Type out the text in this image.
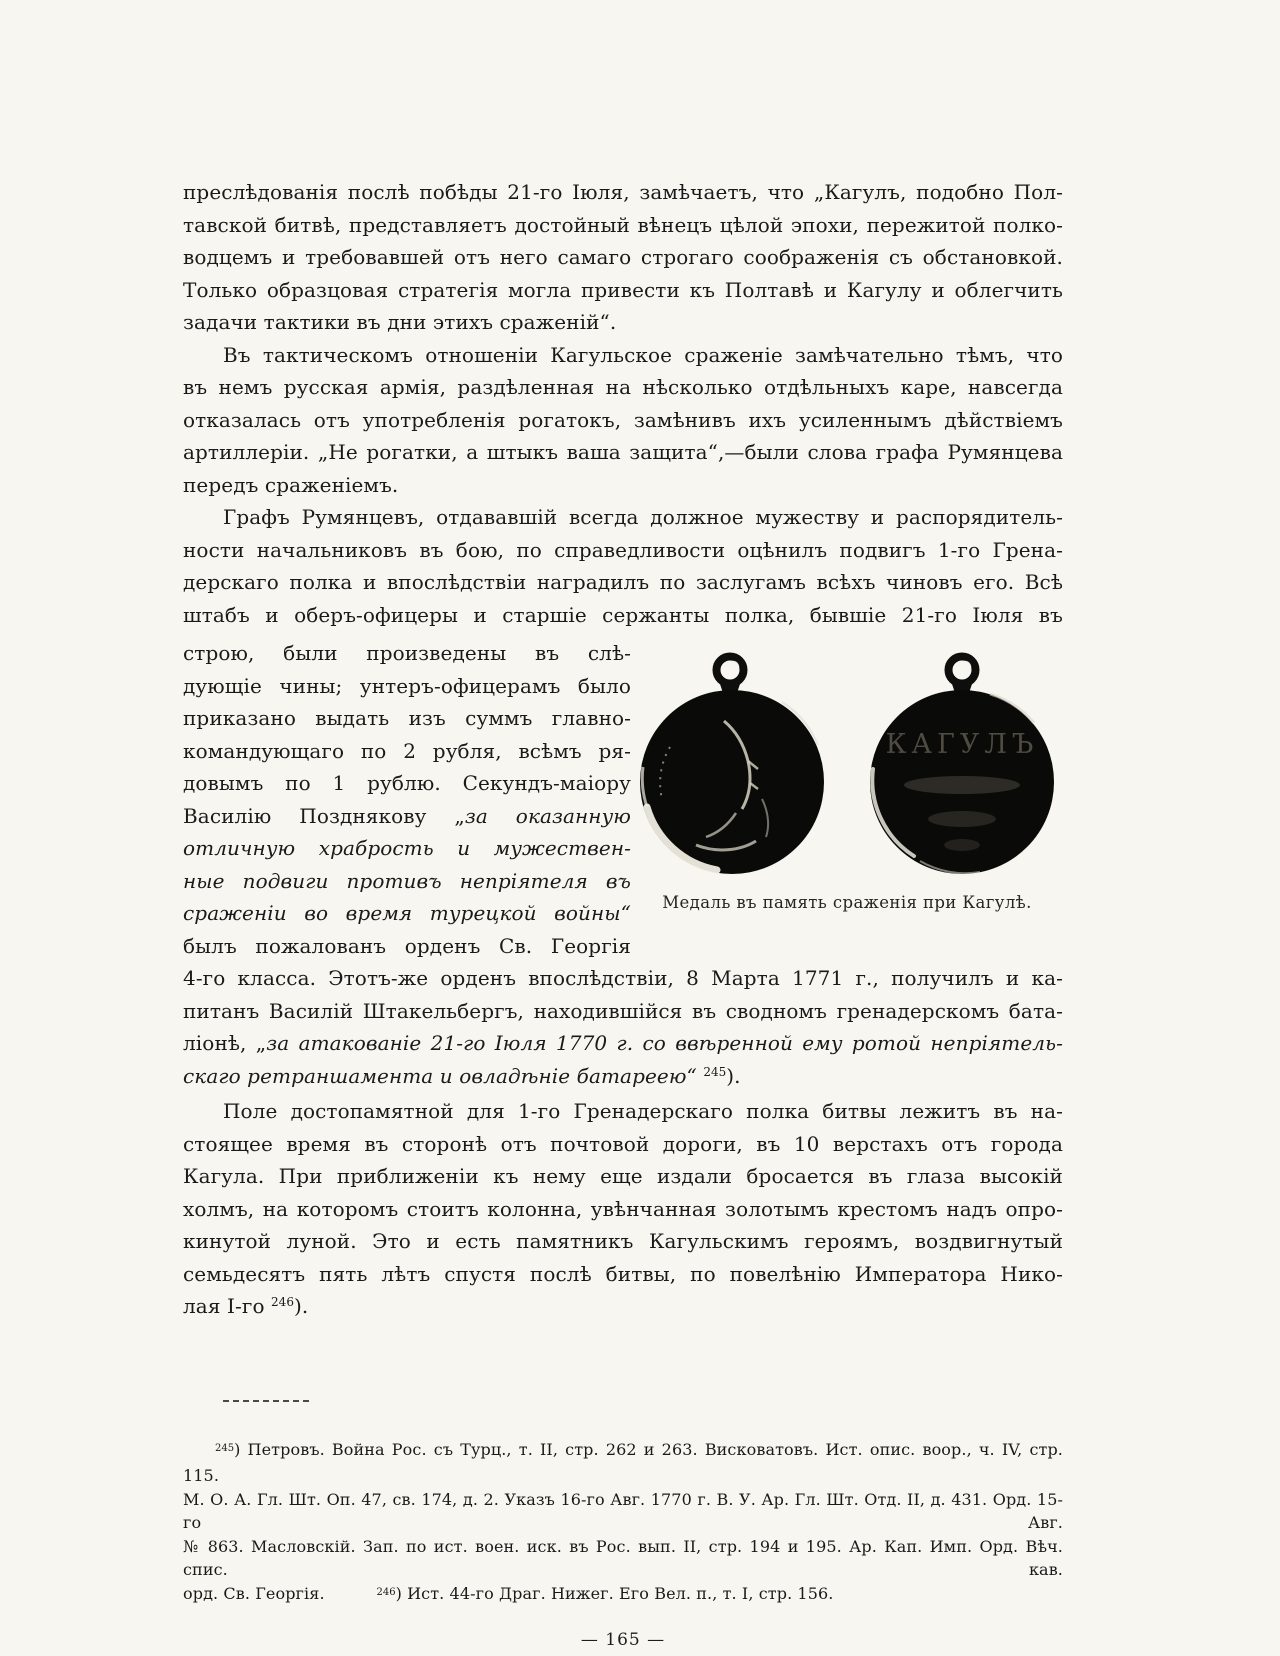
преслѣдованія послѣ побѣды 21-го Іюля, замѣчаетъ, что „Кагулъ, подобно Пол-
тавской битвѣ, представляетъ достойный вѣнецъ цѣлой эпохи, пережитой полко-
водцемъ и требовавшей отъ него самаго строгаго соображенія съ обстановкой.
Только образцовая стратегія могла привести къ Полтавѣ и Кагулу и облегчить
задачи тактики въ дни этихъ сраженій“.
Въ тактическомъ отношеніи Кагульское сраженіе замѣчательно тѣмъ, что
въ немъ русская армія, раздѣленная на нѣсколько отдѣльныхъ каре, навсегда
отказалась отъ употребленія рогатокъ, замѣнивъ ихъ усиленнымъ дѣйствіемъ
артиллеріи. „Не рогатки, а штыкъ ваша защита“,—были слова графа Румянцева
передъ сраженіемъ.
Графъ Румянцевъ, отдававшій всегда должное мужеству и распорядитель-
ности начальниковъ въ бою, по справедливости оцѣнилъ подвигъ 1-го Грена-
дерскаго полка и впослѣдствіи наградилъ по заслугамъ всѣхъ чиновъ его. Всѣ
штабъ и оберъ-офицеры и старшіе сержанты полка, бывшіе 21-го Іюля въ
строю, были произведены въ слѣ-
дующіе чины; унтеръ-офицерамъ было
приказано выдать изъ суммъ главно-
командующаго по 2 рубля, всѣмъ ря-
довымъ по 1 рублю. Секундъ-маіору
Василію Позднякову „за оказанную
отличную храбрость и мужествен-
ные подвиги противъ непріятеля въ
сраженіи во время турецкой войны“
былъ пожалованъ орденъ Св. Георгія
КАГУЛЪ
Медаль въ память сраженія при Кагулѣ.
4-го класса. Этотъ-же орденъ впослѣдствіи, 8 Марта 1771 г., получилъ и ка-
питанъ Василій Штакельбергъ, находившійся въ сводномъ гренадерскомъ бата-
ліонѣ, „за атакованіе 21-го Іюля 1770 г. со ввѣренной ему ротой непріятель-
скаго ретраншамента и овладѣніе батареею“ $^{245}$).
Поле достопамятной для 1-го Гренадерскаго полка битвы лежитъ въ на-
стоящее время въ сторонѣ отъ почтовой дороги, въ 10 верстахъ отъ города
Кагула. При приближеніи къ нему еще издали бросается въ глаза высокій
холмъ, на которомъ стоитъ колонна, увѣнчанная золотымъ крестомъ надъ опро-
кинутой луной. Это и есть памятникъ Кагульскимъ героямъ, воздвигнутый
семьдесятъ пять лѣтъ спустя послѣ битвы, по повелѣнію Императора Нико-
лая I-го $^{246}$).
$^{245}$) Петровъ. Война Рос. съ Турц., т. II, стр. 262 и 263. Висковатовъ. Ист. опис. воор., ч. IV, стр. 115.
М. О. А. Гл. Шт. Оп. 47, св. 174, д. 2. Указъ 16-го Авг. 1770 г. В. У. Ар. Гл. Шт. Отд. II, д. 431. Орд. 15-го Авг.
№ 863. Масловскій. Зап. по ист. воен. иск. въ Рос. вып. II, стр. 194 и 195. Ар. Кап. Имп. Орд. Вѣч. спис. кав.
орд. Св. Георгія.          $^{246}$) Ист. 44-го Драг. Нижег. Его Вел. п., т. I, стр. 156.
— 165 —
